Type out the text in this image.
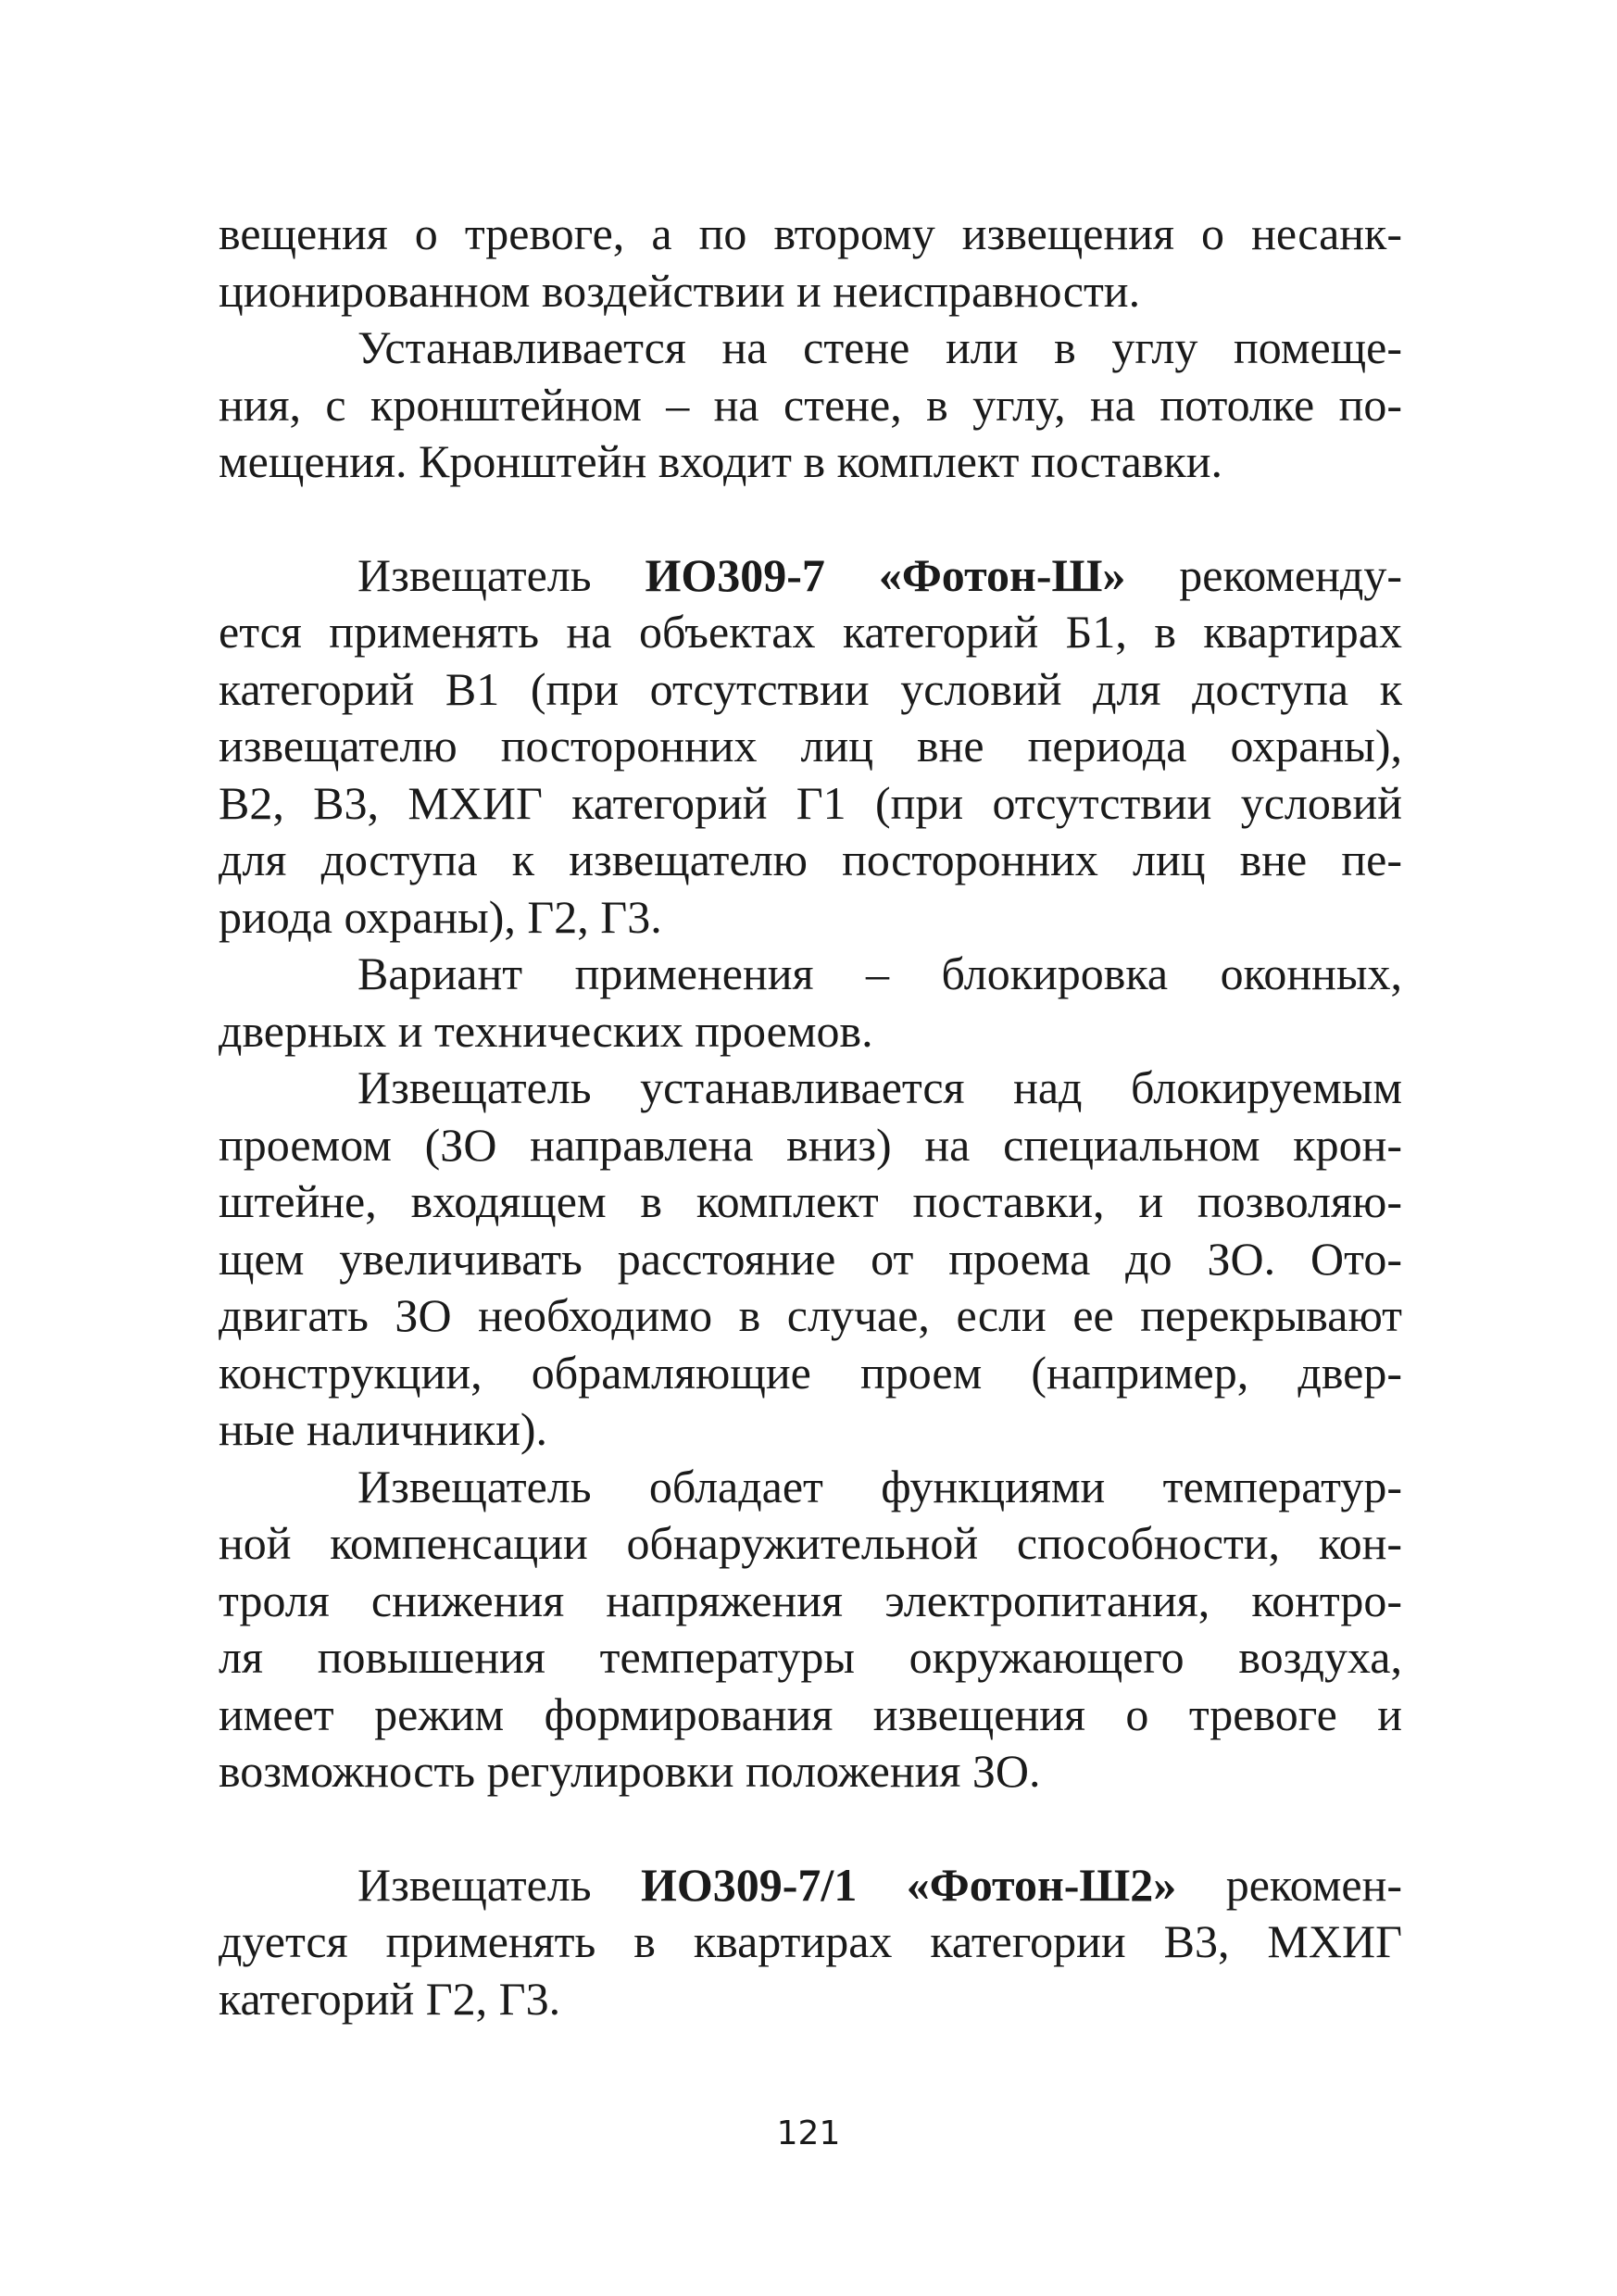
вещения о тревоге, а по второму извещения о несанк-
ционированном воздействии и неисправности.

Устанавливается на стене или в углу помеще-
ния, с кронштейном – на стене, в углу, на потолке по-
мещения. Кронштейн входит в комплект поставки.

Извещатель ИО309-7 «Фотон-Ш» рекоменду-
ется применять на объектах категорий Б1, в квартирах
категорий В1 (при отсутствии условий для доступа к
извещателю посторонних лиц вне периода охраны),
В2, В3, МХИГ категорий Г1 (при отсутствии условий
для доступа к извещателю посторонних лиц вне пе-
риода охраны), Г2, Г3.

Вариант применения – блокировка оконных,
дверных и технических проемов.

Извещатель устанавливается над блокируемым
проемом (ЗО направлена вниз) на специальном крон-
штейне, входящем в комплект поставки, и позволяю-
щем увеличивать расстояние от проема до ЗО. Ото-
двигать ЗО необходимо в случае, если ее перекрывают
конструкции, обрамляющие проем (например, двер-
ные наличники).

Извещатель обладает функциями температур-
ной компенсации обнаружительной способности, кон-
троля снижения напряжения электропитания, контро-
ля повышения температуры окружающего воздуха,
имеет режим формирования извещения о тревоге и
возможность регулировки положения ЗО.

Извещатель ИО309-7/1 «Фотон-Ш2» рекомен-
дуется применять в квартирах категории В3, МХИГ
категорий Г2, Г3.

121
